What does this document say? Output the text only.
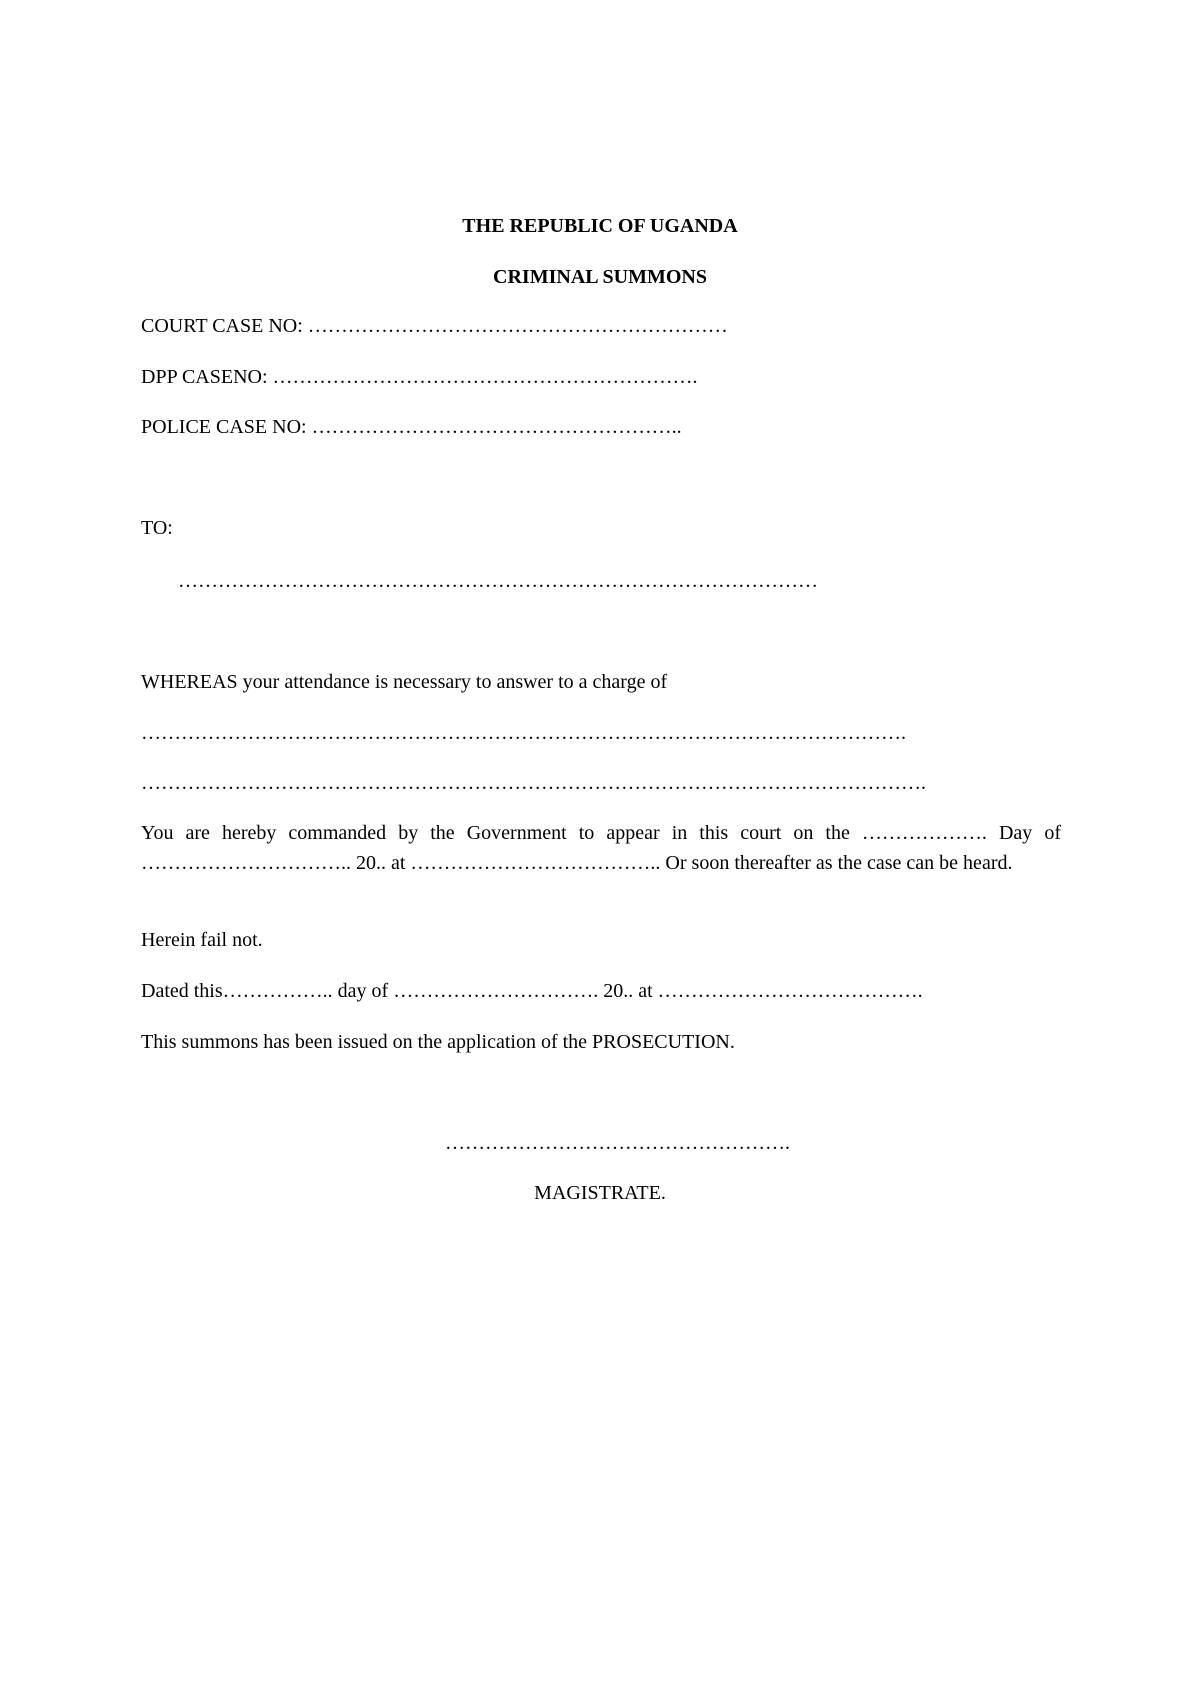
THE REPUBLIC OF UGANDA
CRIMINAL SUMMONS
COURT CASE NO: ………………………………………………………
DPP CASENO: ……………………………………………………….
POLICE CASE NO: ………………………………………………..
TO:
……………………………………………………………………………………
WHEREAS your attendance is necessary to answer to a charge of
…………………………………………………………………………………………………….
……………………………………………………………………………………………………….
You are hereby commanded by the Government to appear in this court on the ………………. Day of ………………………….. 20.. at ……………………………….. Or soon thereafter as the case can be heard.
Herein fail not.
Dated this…………….. day of …………………………. 20.. at ………………………………….
This summons has been issued on the application of the PROSECUTION.
…………………………………………….
MAGISTRATE.
